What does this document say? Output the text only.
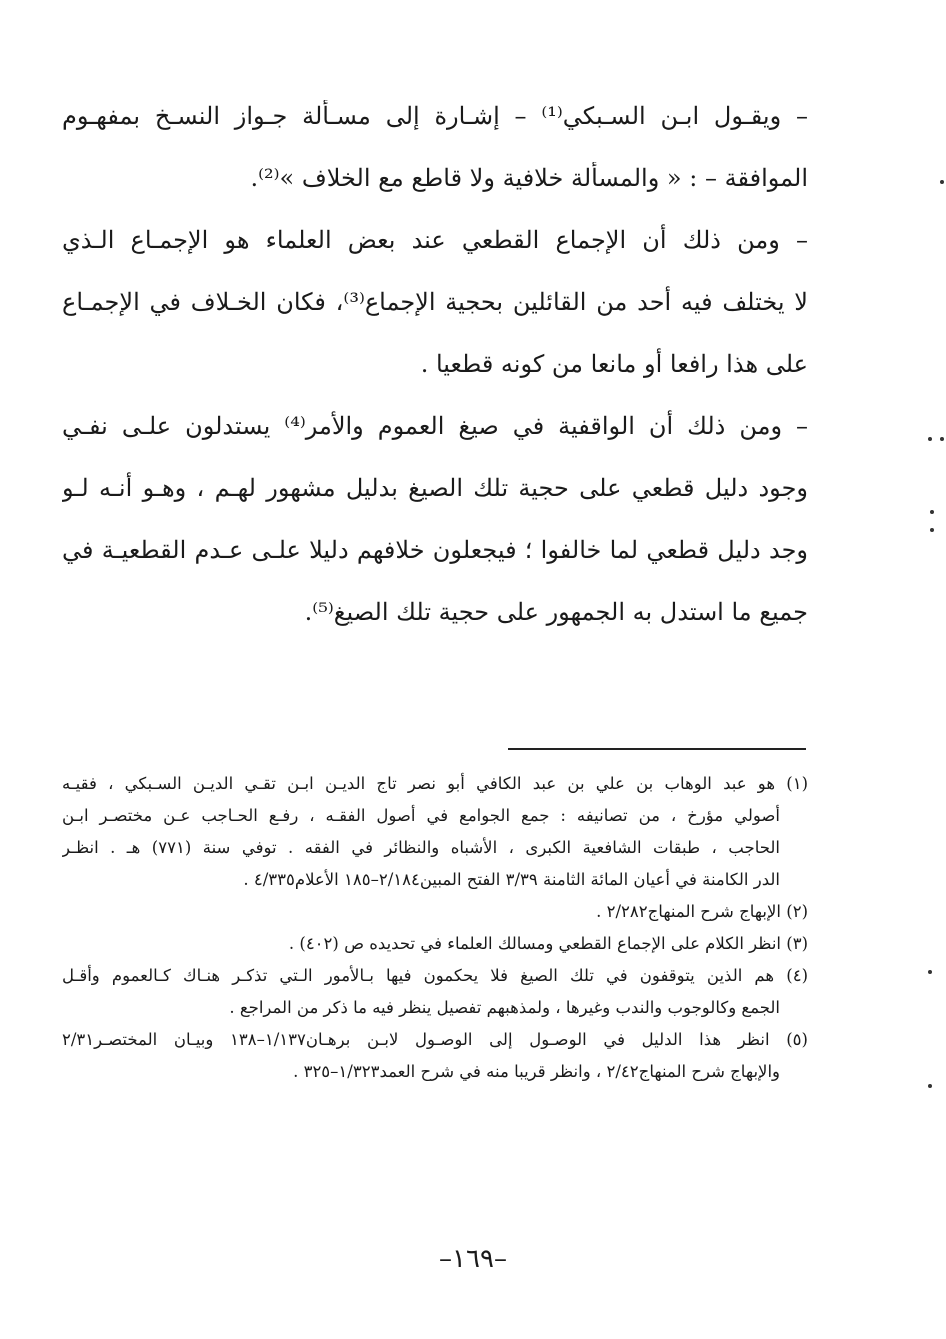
– ويقـول ابـن السـبكي⁽¹⁾ – إشـارة إلى مسـألة جـواز النسـخ بمفهـوم
الموافقة – : « والمسألة خلافية ولا قاطع مع الخلاف »⁽²⁾.
– ومن ذلك أن الإجماع القطعي عند بعض العلماء هو الإجمـاع الـذي
لا يختلف فيه أحد من القائلين بحجية الإجماع⁽³⁾، فكان الخـلاف في الإجمـاع
على هذا رافعا أو مانعا من كونه قطعيا .
– ومن ذلك أن الواقفية في صيغ العموم والأمر⁽⁴⁾ يستدلون علـى نفـي
وجود دليل قطعي على حجية تلك الصيغ بدليل مشهور لهـم ، وهـو أنـه لـو
وجد دليل قطعي لما خالفوا ؛ فيجعلون خلافهم دليلا علـى عـدم القطعيـة في
جميع ما استدل به الجمهور على حجية تلك الصيغ⁽⁵⁾.
(١) هو عبد الوهاب بن علي بن عبد الكافي أبو نصر تاج الديـن ابـن تقـي الديـن السـبكي ، فقيـه
أصولي مؤرخ ، من تصانيفه : جمع الجوامع في أصول الفقـه ، رفـع الحـاجب عـن مختصـر ابـن
الحاجب ، طبقات الشافعية الكبرى ، الأشباه والنظائر في الفقه . توفي سنة (٧٧١) هـ . انظـر
الدر الكامنة في أعيان المائة الثامنة ٣/٣٩ الفتح المبين٢/١٨٤–١٨٥ الأعلام٤/٣٣٥ .
(٢) الإبهاج شرح المنهاج٢/٢٨٢ .
(٣) انظر الكلام على الإجماع القطعي ومسالك العلماء في تحديده ص (٤٠٢) .
(٤) هم الذين يتوقفون في تلك الصيغ فلا يحكمون فيها بـالأمور الـتي تذكـر هنـاك كـالعموم وأقـل
الجمع وكالوجوب والندب وغيرها ، ولمذهبهم تفصيل ينظر فيه ما ذكر من المراجع .
(٥) انظر هذا الدليل في الوصـول إلى الوصـول لابـن برهـان١/١٣٧–١٣٨ وبيـان المختصـر٢/٣١
والإبهاج شرح المنهاج٢/٤٢ ، وانظر قريبا منه في شرح العمد١/٣٢٣–٣٢٥ .
–١٦٩–
